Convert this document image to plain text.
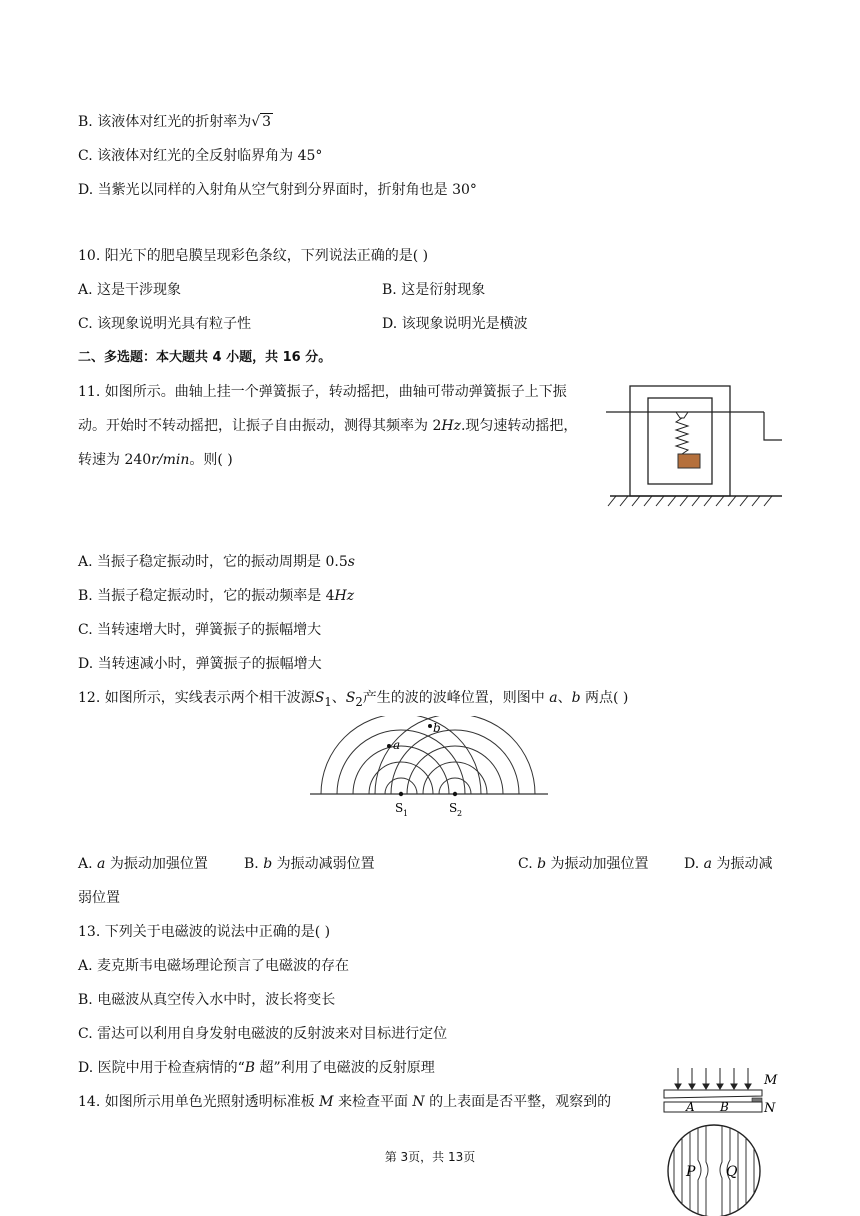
B. 该液体对红光的折射率为√ 3
C. 该液体对红光的全反射临界角为 45°
D. 当紫光以同样的入射角从空气射到分界面时，折射角也是 30°
10. 阳光下的肥皂膜呈现彩色条纹，下列说法正确的是( )
A. 这是干涉现象	B. 这是衍射现象
C. 该现象说明光具有粒子性	D. 该现象说明光是横波
二、多选题：本大题共 4 小题，共 16 分。
11. 如图所示。曲轴上挂一个弹簧振子，转动摇把，曲轴可带动弹簧振子上下振
动。开始时不转动摇把，让振子自由振动，测得其频率为 2Hz.现匀速转动摇把，
转速为 240r/min。则( )
A. 当振子稳定振动时，它的振动周期是 0.5s
B. 当振子稳定振动时，它的振动频率是 4Hz
C. 当转速增大时，弹簧振子的振幅增大
D. 当转速减小时，弹簧振子的振幅增大
12. 如图所示，实线表示两个相干波源$S_1$、$S_2$产生的波的波峰位置，则图中 a、b 两点( )
a
b
S 1	S 2
A. a 为振动加强位置	B. b 为振动减弱位置	C. b 为振动加强位置	D. a 为振动减
弱位置
13. 下列关于电磁波的说法中正确的是( )
A. 麦克斯韦电磁场理论预言了电磁波的存在
B. 电磁波从真空传入水中时，波长将变长
C. 雷达可以利用自身发射电磁波的反射波来对目标进行定位
D. 医院中用于检查病情的“B 超”利用了电磁波的反射原理
14. 如图所示用单色光照射透明标准板 M 来检查平面 N 的上表面是否平整，观察到的
M
N
A B
P Q
第 3页，共 13页
